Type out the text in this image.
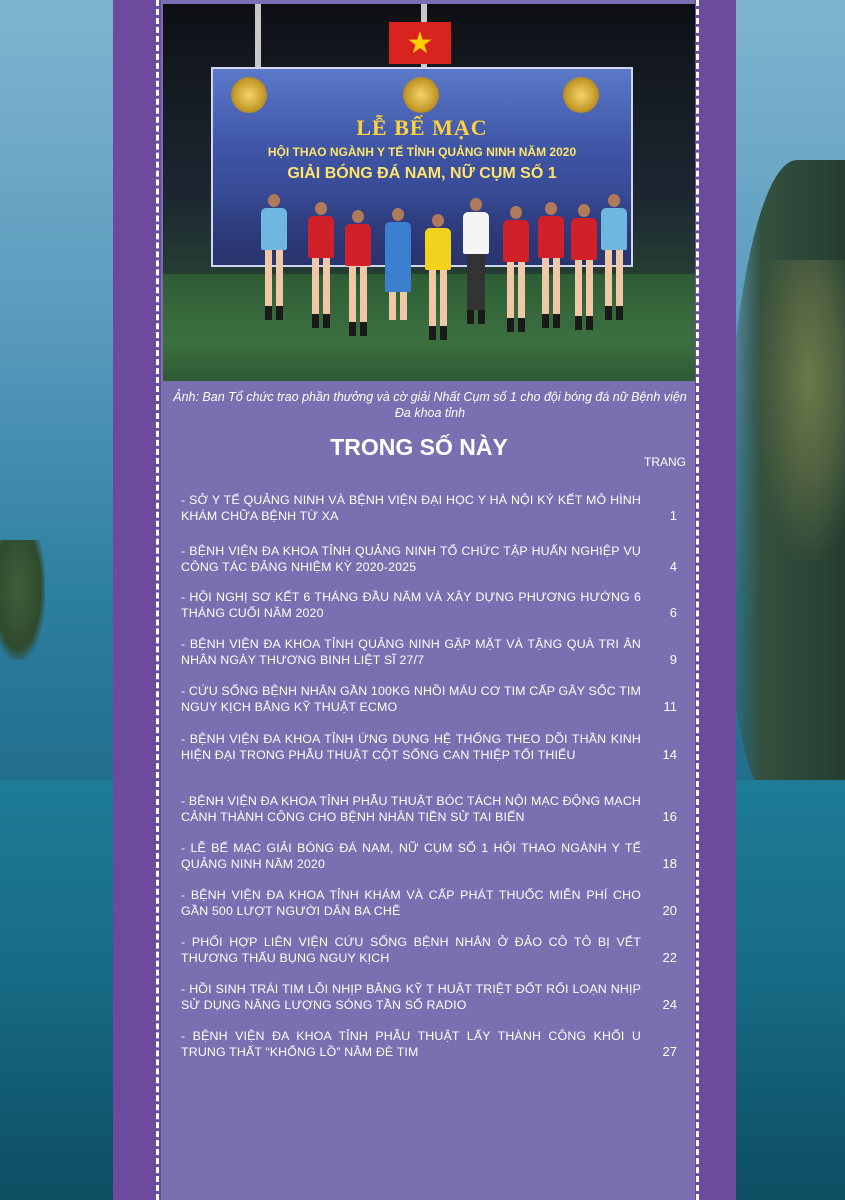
★
LỄ BẾ MẠC
HỘI THAO NGÀNH Y TẾ TỈNH QUẢNG NINH NĂM 2020
GIẢI BÓNG ĐÁ NAM, NỮ CỤM SỐ 1
Ảnh: Ban Tổ chức trao phần thưởng và cờ giải Nhất Cụm số 1 cho đội bóng đá nữ Bệnh viện Đa khoa tỉnh
TRONG SỐ NÀY
TRANG
- SỞ Y TẾ QUẢNG NINH VÀ BỆNH VIỆN ĐẠI HỌC Y HÀ NỘI KÝ KẾT MÔ HÌNH KHÁM CHỮA BỆNH TỪ XA	1
- BỆNH VIỆN ĐA KHOA TỈNH QUẢNG NINH TỔ CHỨC TẬP HUẤN NGHIỆP VỤ CÔNG TÁC ĐẢNG NHIỆM KỲ 2020-2025	4
- HỘI NGHỊ SƠ KẾT 6 THÁNG ĐẦU NĂM VÀ XÂY DỰNG PHƯƠNG HƯỚNG 6 THÁNG CUỐI NĂM 2020	6
- BỆNH VIỆN ĐA KHOA TỈNH QUẢNG NINH GẶP MẶT VÀ TẶNG QUÀ TRI ÂN NHÂN NGÀY THƯƠNG BINH LIỆT SĨ 27/7	9
- CỨU SỐNG BỆNH NHÂN GẦN 100KG NHỒI MÁU CƠ TIM CẤP GÂY SỐC TIM NGUY KỊCH BẰNG KỸ THUẬT ECMO	11
- BỆNH VIỆN ĐA KHOA TỈNH ỨNG DỤNG HỆ THỐNG THEO DÕI THẦN KINH HIỆN ĐẠI TRONG PHẪU THUẬT CỘT SỐNG CAN THIỆP TỐI THIỂU	14
- BỆNH VIỆN ĐA KHOA TỈNH PHẪU THUẬT BÓC TÁCH NỘI MẠC ĐỘNG MẠCH CẢNH THÀNH CÔNG CHO BỆNH NHÂN TIỀN SỬ TAI BIẾN	16
- LỄ BẾ MẠC GIẢI BÓNG ĐÁ NAM, NỮ CỤM SỐ 1 HỘI THAO NGÀNH Y TẾ QUẢNG NINH NĂM 2020	18
- BỆNH VIỆN ĐA KHOA TỈNH KHÁM VÀ CẤP PHÁT THUỐC MIỄN PHÍ CHO GẦN 500 LƯỢT NGƯỜI DÂN BA CHẼ	20
- PHỐI HỢP LIÊN VIỆN CỨU SỐNG BỆNH NHÂN Ở ĐẢO CÔ TÔ BỊ VẾT THƯƠNG THẤU BỤNG NGUY KỊCH	22
- HỒI SINH TRÁI TIM LỖI NHỊP BẰNG KỸ T HUẬT TRIỆT ĐỐT RỐI LOẠN NHỊP SỬ DỤNG NĂNG LƯỢNG SÓNG TẦN SỐ RADIO	24
- BỆNH VIỆN ĐA KHOA TỈNH PHẪU THUẬT LẤY THÀNH CÔNG KHỐI U TRUNG THẤT “KHỔNG LỒ” NẰM ĐÈ TIM	27
